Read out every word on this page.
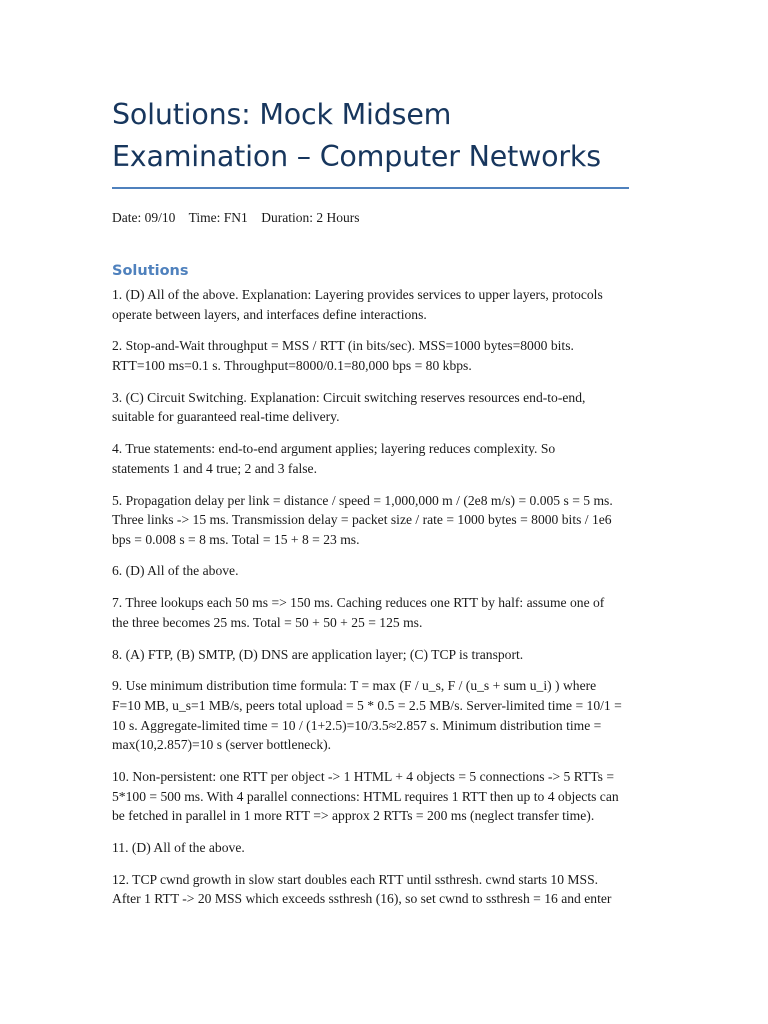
Solutions: Mock Midsem Examination – Computer Networks
Date: 09/10    Time: FN1    Duration: 2 Hours
Solutions
1. (D) All of the above. Explanation: Layering provides services to upper layers, protocols
operate between layers, and interfaces define interactions.
2. Stop-and-Wait throughput = MSS / RTT (in bits/sec). MSS=1000 bytes=8000 bits.
RTT=100 ms=0.1 s. Throughput=8000/0.1=80,000 bps = 80 kbps.
3. (C) Circuit Switching. Explanation: Circuit switching reserves resources end-to-end,
suitable for guaranteed real-time delivery.
4. True statements: end-to-end argument applies; layering reduces complexity. So
statements 1 and 4 true; 2 and 3 false.
5. Propagation delay per link = distance / speed = 1,000,000 m / (2e8 m/s) = 0.005 s = 5 ms.
Three links -> 15 ms. Transmission delay = packet size / rate = 1000 bytes = 8000 bits / 1e6
bps = 0.008 s = 8 ms. Total = 15 + 8 = 23 ms.
6. (D) All of the above.
7. Three lookups each 50 ms => 150 ms. Caching reduces one RTT by half: assume one of
the three becomes 25 ms. Total = 50 + 50 + 25 = 125 ms.
8. (A) FTP, (B) SMTP, (D) DNS are application layer; (C) TCP is transport.
9. Use minimum distribution time formula: T = max (F / u_s, F / (u_s + sum u_i) ) where
F=10 MB, u_s=1 MB/s, peers total upload = 5 * 0.5 = 2.5 MB/s. Server-limited time = 10/1 =
10 s. Aggregate-limited time = 10 / (1+2.5)=10/3.5≈2.857 s. Minimum distribution time =
max(10,2.857)=10 s (server bottleneck).
10. Non-persistent: one RTT per object -> 1 HTML + 4 objects = 5 connections -> 5 RTTs =
5*100 = 500 ms. With 4 parallel connections: HTML requires 1 RTT then up to 4 objects can
be fetched in parallel in 1 more RTT => approx 2 RTTs = 200 ms (neglect transfer time).
11. (D) All of the above.
12. TCP cwnd growth in slow start doubles each RTT until ssthresh. cwnd starts 10 MSS.
After 1 RTT -> 20 MSS which exceeds ssthresh (16), so set cwnd to ssthresh = 16 and enter
